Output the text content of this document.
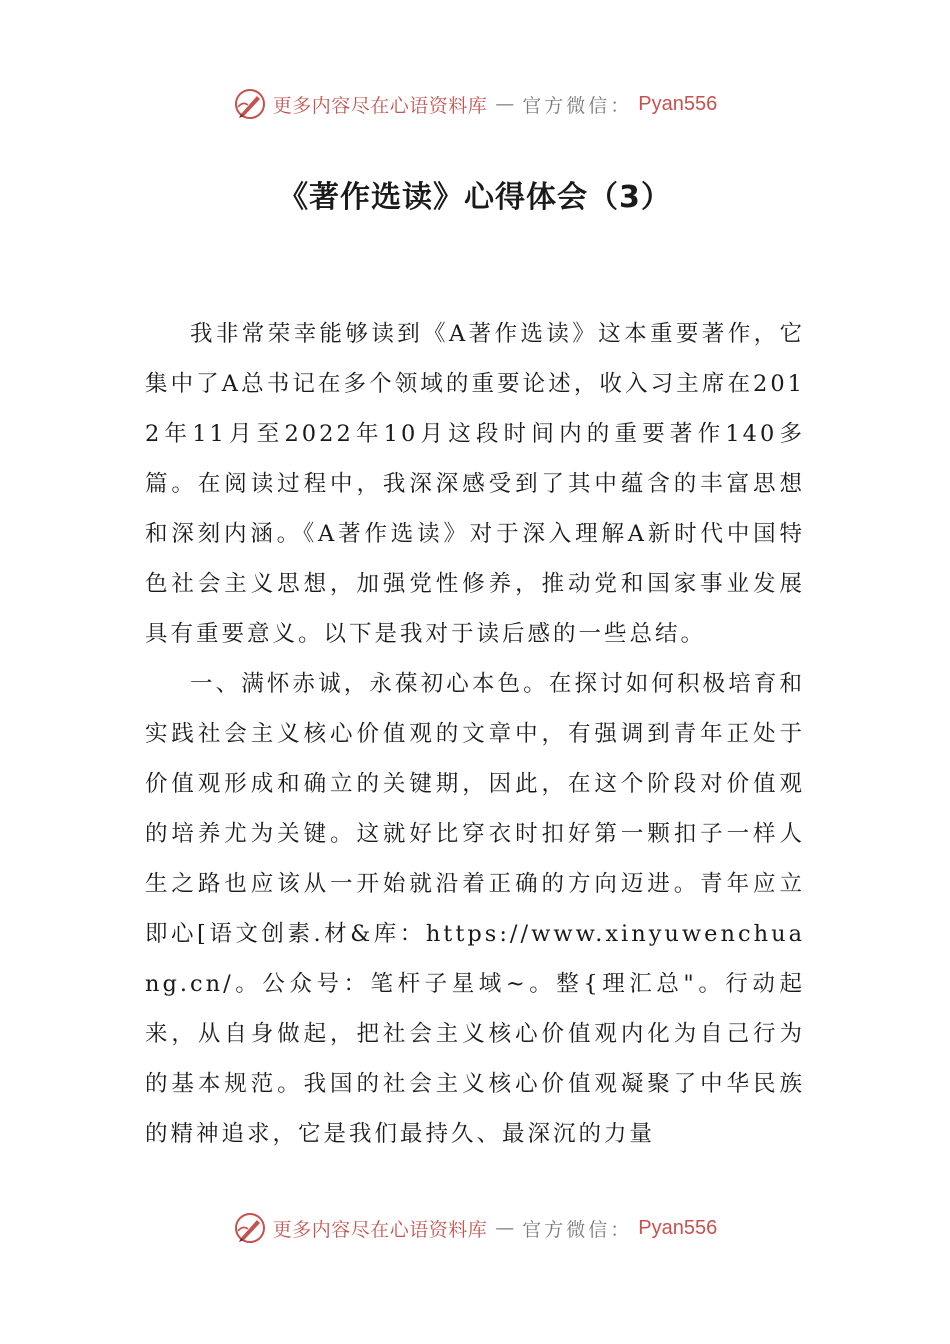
更多内容尽在心语资料库 — 官方微信： Pyan556
《著作选读》心得体会（3）

我非常荣幸能够读到《A著作选读》这本重要著作，它集中了A总书记在多个领域的重要论述，收入习主席在2012年11月至2022年10月这段时间内的重要著作140多篇。在阅读过程中，我深深感受到了其中蕴含的丰富思想和深刻内涵。《A著作选读》对于深入理解A新时代中国特色社会主义思想，加强党性修养，推动党和国家事业发展具有重要意义。以下是我对于读后感的一些总结。

一、满怀赤诚，永葆初心本色。在探讨如何积极培育和实践社会主义核心价值观的文章中，有强调到青年正处于价值观形成和确立的关键期，因此，在这个阶段对价值观的培养尤为关键。这就好比穿衣时扣好第一颗扣子一样人生之路也应该从一开始就沿着正确的方向迈进。青年应立即心[语文创素.材&库：https://www.xinyuwenchuang.cn/。公众号：笔杆子星域~。整{理汇总"。行动起来，从自身做起，把社会主义核心价值观内化为自己行为的基本规范。我国的社会主义核心价值观凝聚了中华民族的精神追求，它是我们最持久、最深沉的力量

更多内容尽在心语资料库 — 官方微信： Pyan556
